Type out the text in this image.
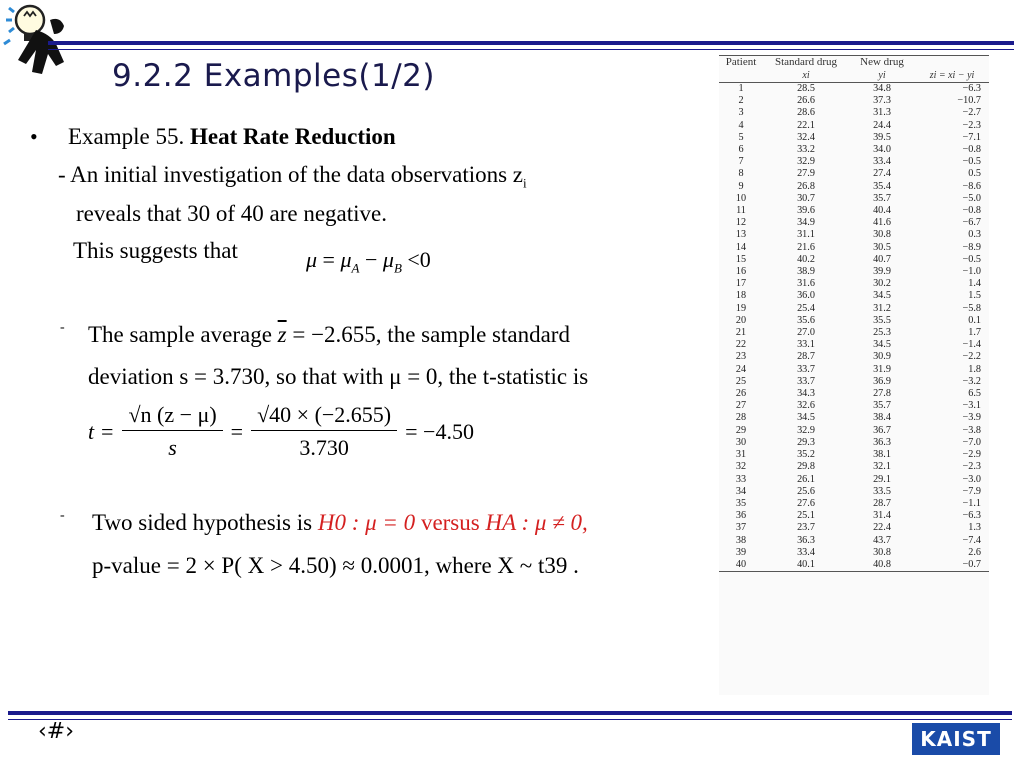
9.2.2 Examples(1/2)
• Example 55. Heat Rate Reduction
- An initial investigation of the data observations $z_i$
reveals that 30 of 40 are negative.
This suggests that	$\mu = \mu_A - \mu_B <0$
- The sample average $\overline{z} = -2.655$, the sample standard
deviation s = 3.730, so that with μ = 0, the t-statistic is
$t = \frac{√n (z - \mu)}{s} = \frac{√40 \times (-2.655)}{3.730} = -4.50$
- Two sided hypothesis is H0 : μ = 0 versus HA : μ ≠ 0,
p-value = 2 × P( X > 4.50) ≈ 0.0001, where X ~ t39 .
Patient	Standard drug	New drug	
	xi	yi	zi = xi − yi
1	28.5	34.8	−6.3
2	26.6	37.3	−10.7
3	28.6	31.3	−2.7
4	22.1	24.4	−2.3
5	32.4	39.5	−7.1
6	33.2	34.0	−0.8
7	32.9	33.4	−0.5
8	27.9	27.4	0.5
9	26.8	35.4	−8.6
10	30.7	35.7	−5.0
11	39.6	40.4	−0.8
12	34.9	41.6	−6.7
13	31.1	30.8	0.3
14	21.6	30.5	−8.9
15	40.2	40.7	−0.5
16	38.9	39.9	−1.0
17	31.6	30.2	1.4
18	36.0	34.5	1.5
19	25.4	31.2	−5.8
20	35.6	35.5	0.1
21	27.0	25.3	1.7
22	33.1	34.5	−1.4
23	28.7	30.9	−2.2
24	33.7	31.9	1.8
25	33.7	36.9	−3.2
26	34.3	27.8	6.5
27	32.6	35.7	−3.1
28	34.5	38.4	−3.9
29	32.9	36.7	−3.8
30	29.3	36.3	−7.0
31	35.2	38.1	−2.9
32	29.8	32.1	−2.3
33	26.1	29.1	−3.0
34	25.6	33.5	−7.9
35	27.6	28.7	−1.1
36	25.1	31.4	−6.3
37	23.7	22.4	1.3
38	36.3	43.7	−7.4
39	33.4	30.8	2.6
40	40.1	40.8	−0.7
‹#›	KAIST
